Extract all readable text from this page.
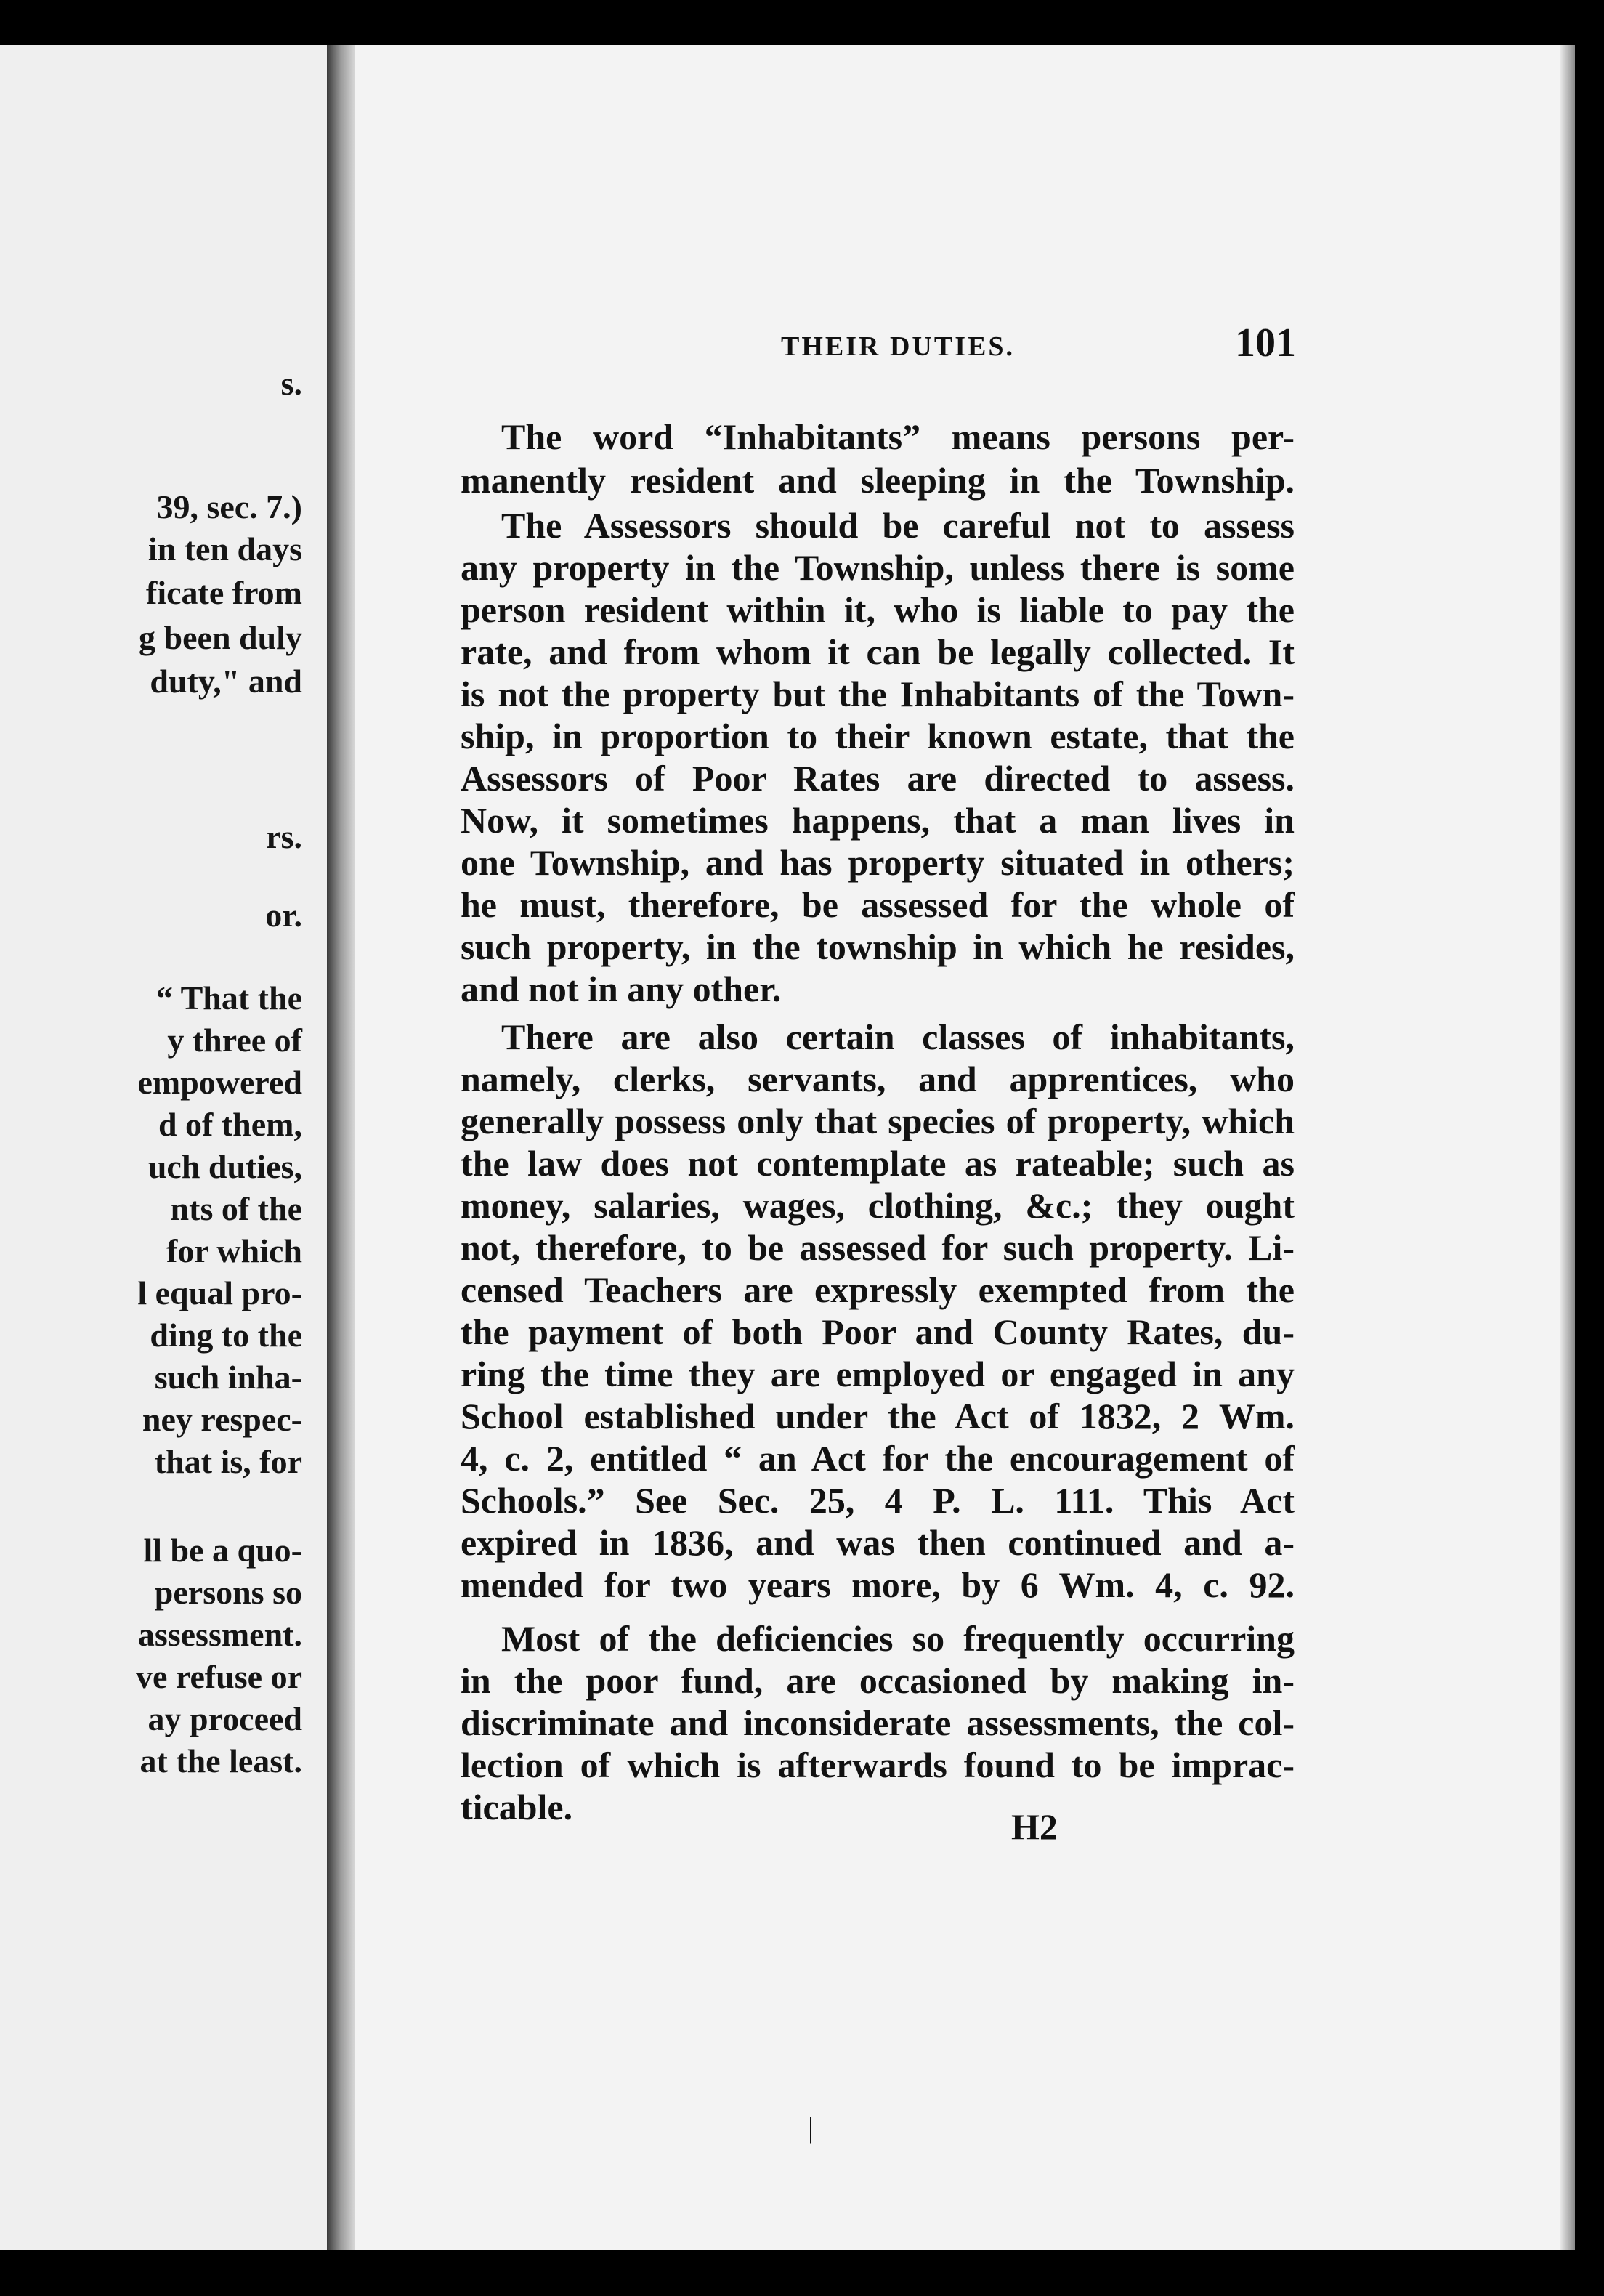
s.
39, sec. 7.)
in ten days
ficate from
g been duly
duty," and
rs.
or.
“ That the
y three of
empowered
d of them,
uch duties,
nts of the
for which
l equal pro-
ding to the
such inha-
ney respec-
that is, for
ll be a quo-
persons so
assessment.
ve refuse or
ay proceed
at the least.
THEIR DUTIES.	101
The word “Inhabitants” means persons per-
manently resident and sleeping in the Township.
The Assessors should be careful not to assess
any property in the Township, unless there is some
person resident within it, who is liable to pay the
rate, and from whom it can be legally collected. It
is not the property but the Inhabitants of the Town-
ship, in proportion to their known estate, that the
Assessors of Poor Rates are directed to assess.
Now, it sometimes happens, that a man lives in
one Township, and has property situated in others;
he must, therefore, be assessed for the whole of
such property, in the township in which he resides,
and not in any other.
There are also certain classes of inhabitants,
namely, clerks, servants, and apprentices, who
generally possess only that species of property, which
the law does not contemplate as rateable; such as
money, salaries, wages, clothing, &c.; they ought
not, therefore, to be assessed for such property. Li-
censed Teachers are expressly exempted from the
the payment of both Poor and County Rates, du-
ring the time they are employed or engaged in any
School established under the Act of 1832, 2 Wm.
4, c. 2, entitled “ an Act for the encouragement of
Schools.” See Sec. 25, 4 P. L. 111. This Act
expired in 1836, and was then continued and a-
mended for two years more, by 6 Wm. 4, c. 92.
Most of the deficiencies so frequently occurring
in the poor fund, are occasioned by making in-
discriminate and inconsiderate assessments, the col-
lection of which is afterwards found to be imprac-
ticable.	H2
|
